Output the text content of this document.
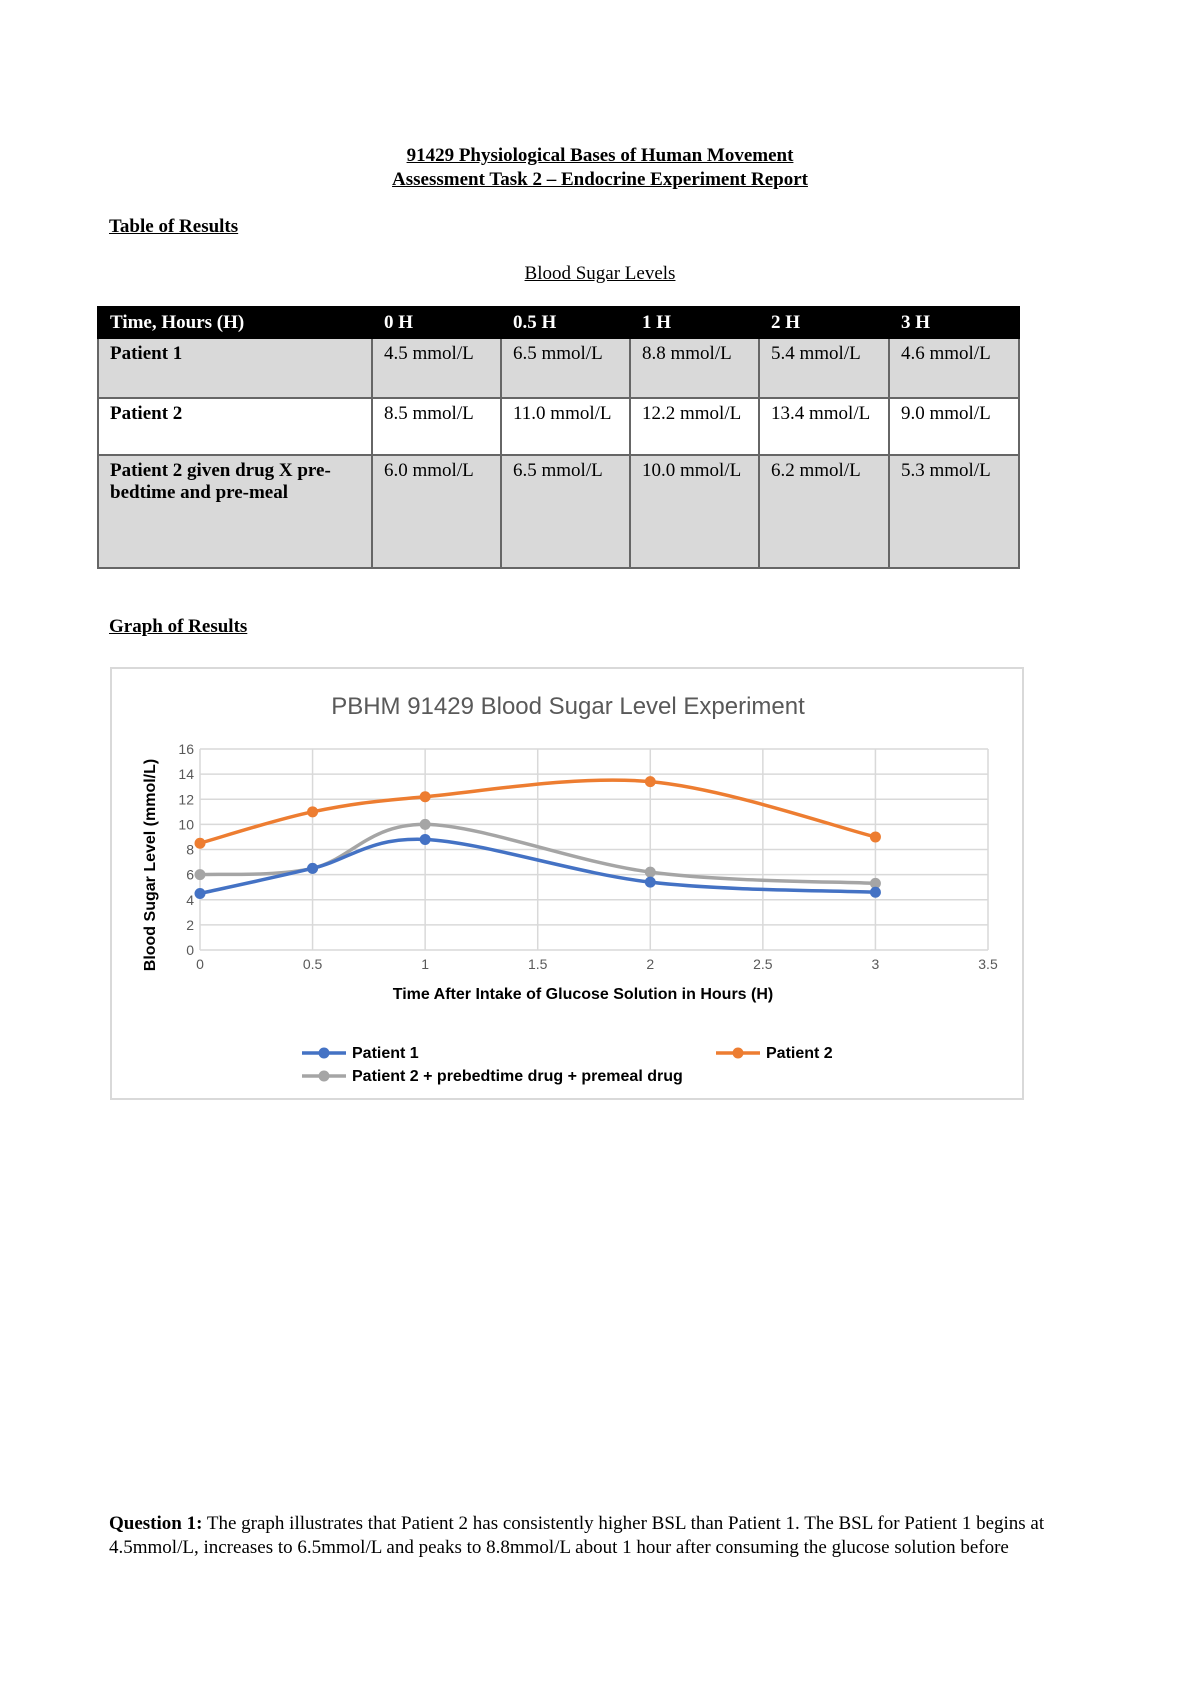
91429 Physiological Bases of Human Movement
Assessment Task 2 – Endocrine Experiment Report
Table of Results
Blood Sugar Levels
Time, Hours (H)	0 H	0.5 H	1 H	2 H	3 H
Patient 1	4.5 mmol/L	6.5 mmol/L	8.8 mmol/L	5.4 mmol/L	4.6 mmol/L
Patient 2	8.5 mmol/L	11.0 mmol/L	12.2 mmol/L	13.4 mmol/L	9.0 mmol/L
Patient 2 given drug X pre-bedtime and pre-meal	6.0 mmol/L	6.5 mmol/L	10.0 mmol/L	6.2 mmol/L	5.3 mmol/L
Graph of Results
0
2
4
6
8
10
12
14
16
0	0.5	1	1.5	2	2.5	3	3.5
PBHM 91429 Blood Sugar Level Experiment
Time After Intake of Glucose Solution in Hours (H)
Blood Sugar Level (mmol/L)
Patient 1	Patient 2
Patient 2 + prebedtime drug + premeal drug
Question 1: The graph illustrates that Patient 2 has consistently higher BSL than Patient 1. The BSL for Patient 1 begins at 4.5mmol/L, increases to 6.5mmol/L and peaks to 8.8mmol/L about 1 hour after consuming the glucose solution before
